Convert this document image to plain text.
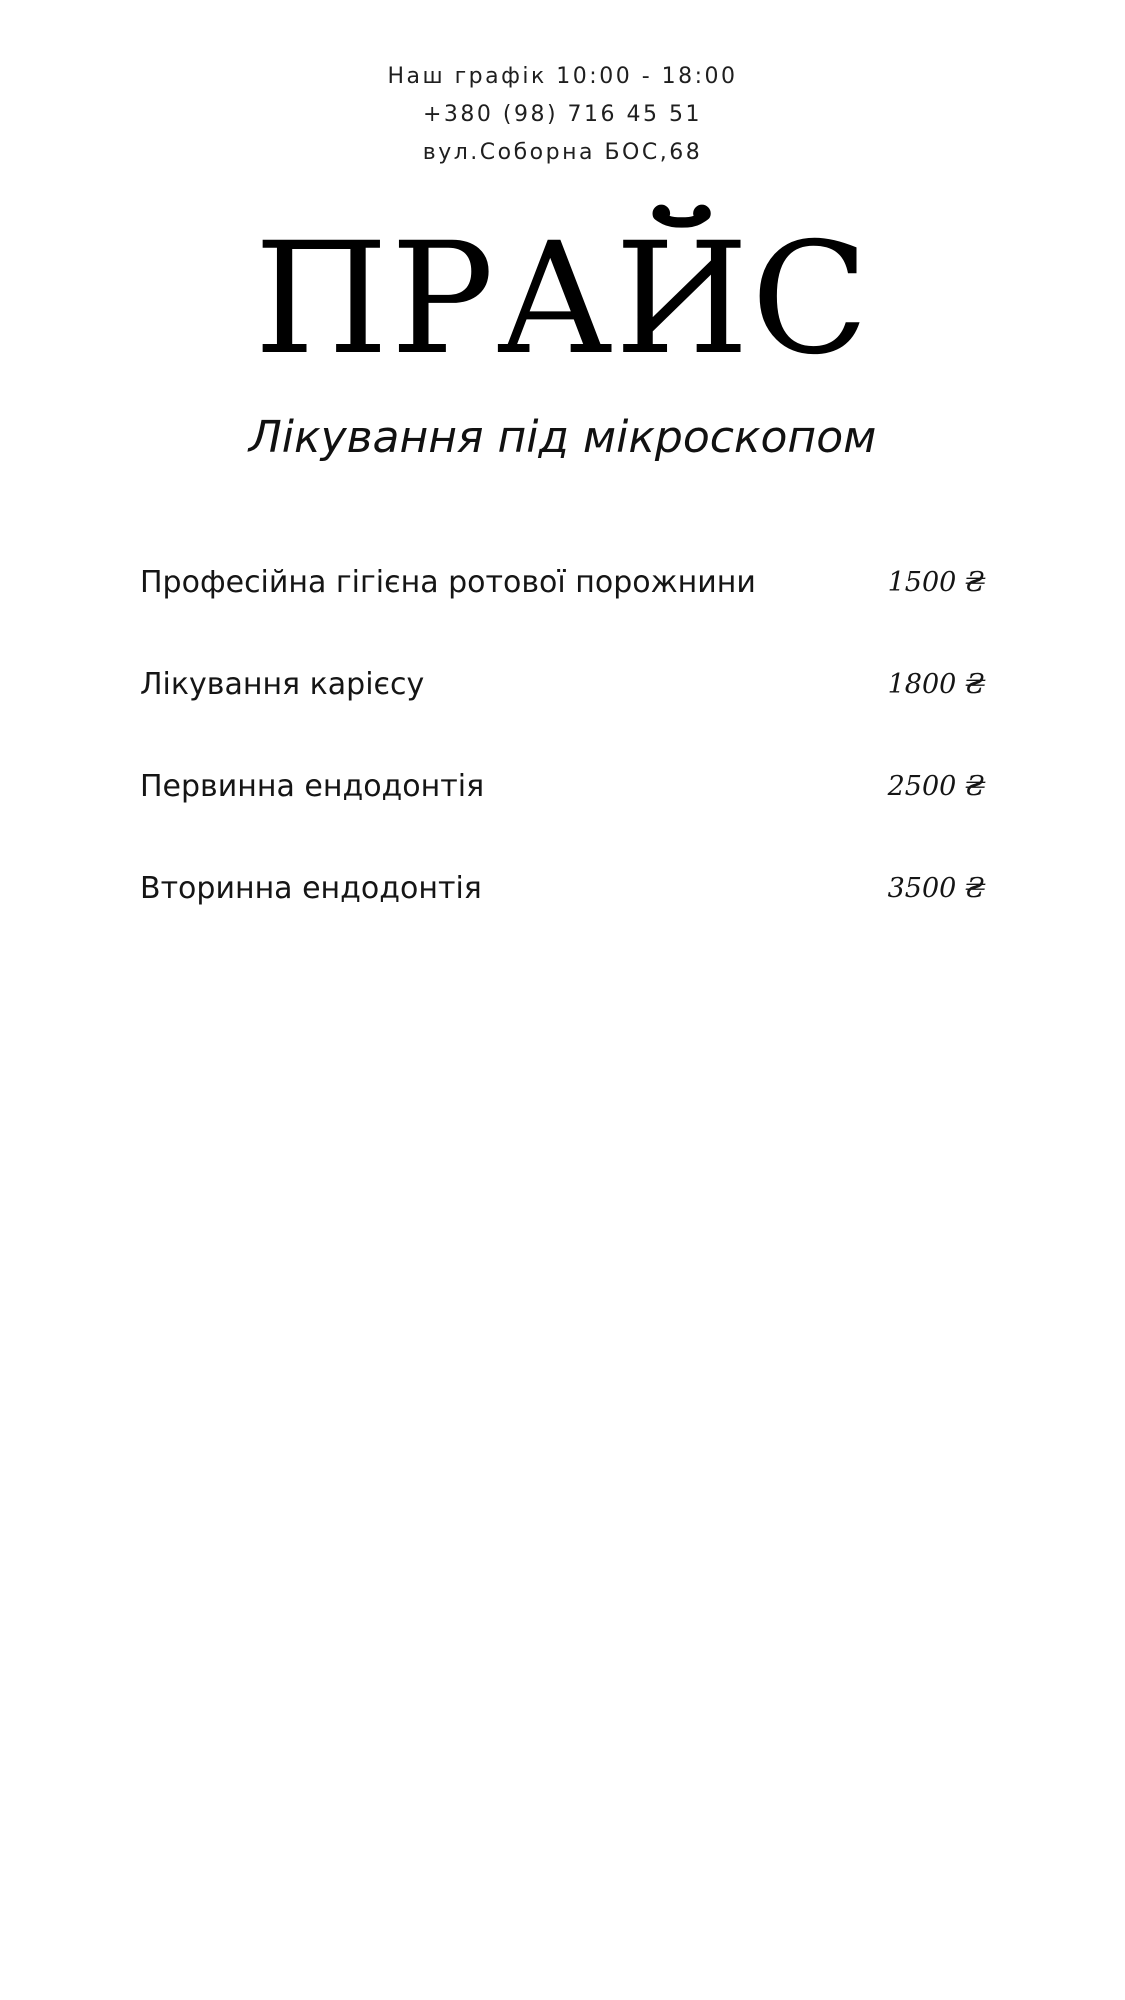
Наш графік 10:00 - 18:00
+380 (98) 716 45 51
вул.Соборна БОС,68
ПРАЙС
Лікування під мікроскопом
Професійна гігієна ротової порожнини	1500 ₴
Лікування карієсу	1800 ₴
Первинна ендодонтія	2500 ₴
Вторинна ендодонтія	3500 ₴
